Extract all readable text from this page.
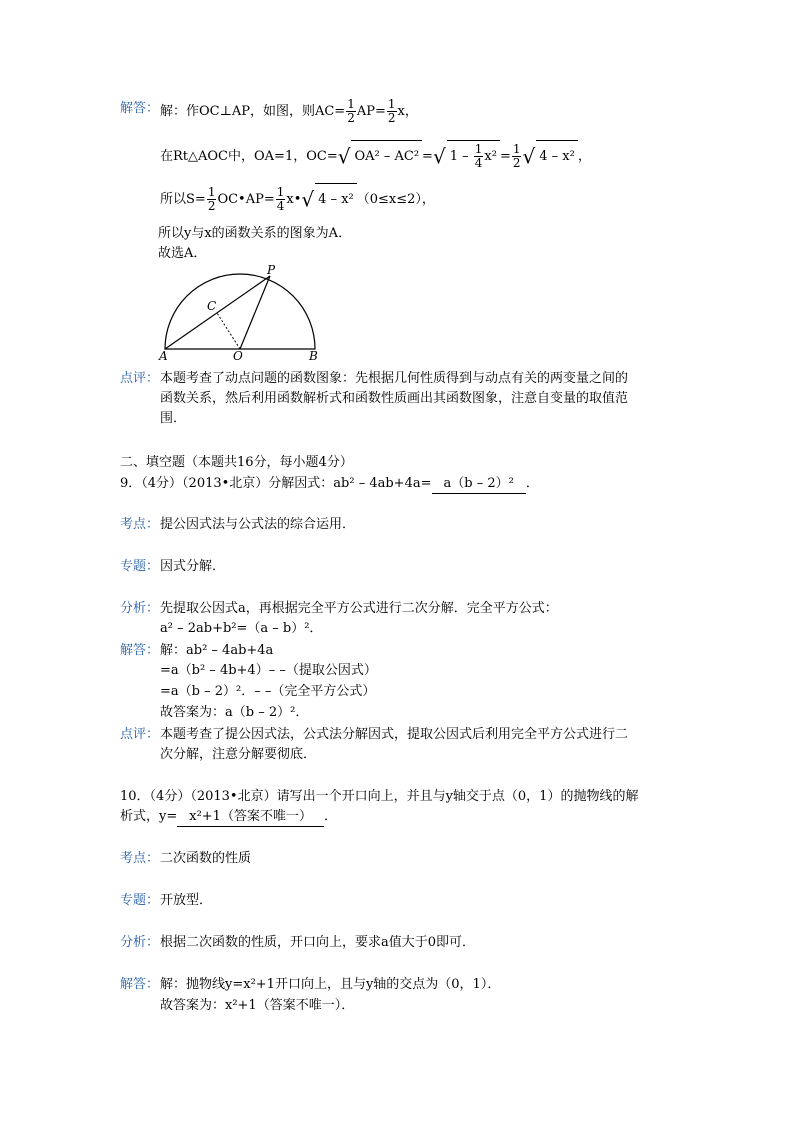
解答： 解：作OC⊥AP，如图，则$AC= \frac{1}{2} AP= \frac{1}{2}$ x，
在Rt△AOC中，OA=1，OC=√ OA² – AC² =√ $1 - \frac{1}{4} x^2 = \frac{1}{2}$ √ 4 – x² ，
所以$S= \frac{1}{2}$ OC•AP= $\frac{1}{4}$ x•√ 4 – x² （0≤x≤2），
所以y与x的函数关系的图象为A．
故选A．
P
C
A	O	B
点评： 本题考查了动点问题的函数图象：先根据几何性质得到与动点有关的两变量之间的
函数关系，然后利用函数解析式和函数性质画出其函数图象，注意自变量的取值范
围．
二、填空题（本题共16分，每小题4分）
9．（4分）（2013•北京）分解因式：ab² – 4ab+4a= a（b – 2）² ．
考点： 提公因式法与公式法的综合运用．
专题： 因式分解．
分析： 先提取公因式a，再根据完全平方公式进行二次分解．完全平方公式：
a² – 2ab+b²=（a – b）²．
解答： 解：ab² – 4ab+4a
=a（b² – 4b+4）– –（提取公因式）
=a（b – 2）²．– –（完全平方公式）
故答案为：a（b – 2）²．
点评： 本题考查了提公因式法，公式法分解因式，提取公因式后利用完全平方公式进行二
次分解，注意分解要彻底．
10．（4分）（2013•北京）请写出一个开口向上，并且与y轴交于点（0，1）的抛物线的解
析式，y= x²+1（答案不唯一） ．
考点： 二次函数的性质
专题： 开放型．
分析： 根据二次函数的性质，开口向上，要求a值大于0即可．
解答： 解：抛物线y=x²+1开口向上，且与y轴的交点为（0，1）．
故答案为：x²+1（答案不唯一）．
